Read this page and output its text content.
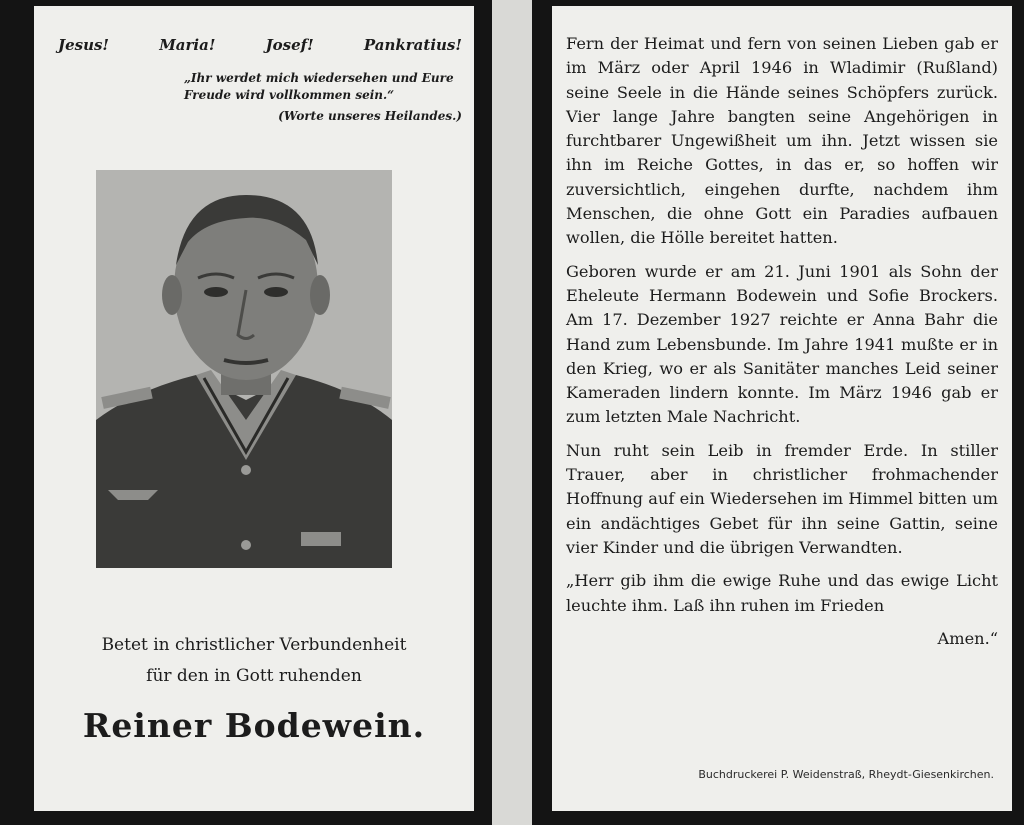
Jesus!	Maria!	Josef!	Pankratius!
„Ihr werdet mich wiedersehen und Eure Freude wird vollkommen sein.“
(Worte unseres Heilandes.)
Betet in christlicher Verbundenheit
für den in Gott ruhenden
Reiner Bodewein.

Fern der Heimat und fern von seinen Lieben gab er im März oder April 1946 in Wladimir (Rußland) seine Seele in die Hände seines Schöpfers zurück. Vier lange Jahre bangten seine Angehörigen in furchtbarer Ungewißheit um ihn. Jetzt wissen sie ihn im Reiche Gottes, in das er, so hoffen wir zuversichtlich, eingehen durfte, nachdem ihm Menschen, die ohne Gott ein Paradies aufbauen wollen, die Hölle bereitet hatten.

Geboren wurde er am 21. Juni 1901 als Sohn der Eheleute Hermann Bodewein und Sofie Brockers. Am 17. Dezember 1927 reichte er Anna Bahr die Hand zum Lebensbunde. Im Jahre 1941 mußte er in den Krieg, wo er als Sanitäter manches Leid seiner Kameraden lindern konnte. Im März 1946 gab er zum letzten Male Nachricht.

Nun ruht sein Leib in fremder Erde. In stiller Trauer, aber in christlicher frohmachender Hoffnung auf ein Wiedersehen im Himmel bitten um ein andächtiges Gebet für ihn seine Gattin, seine vier Kinder und die übrigen Verwandten.

„Herr gib ihm die ewige Ruhe und das ewige Licht leuchte ihm. Laß ihn ruhen im Frieden

Amen.“
Buchdruckerei P. Weidenstraß, Rheydt-Giesenkirchen.
